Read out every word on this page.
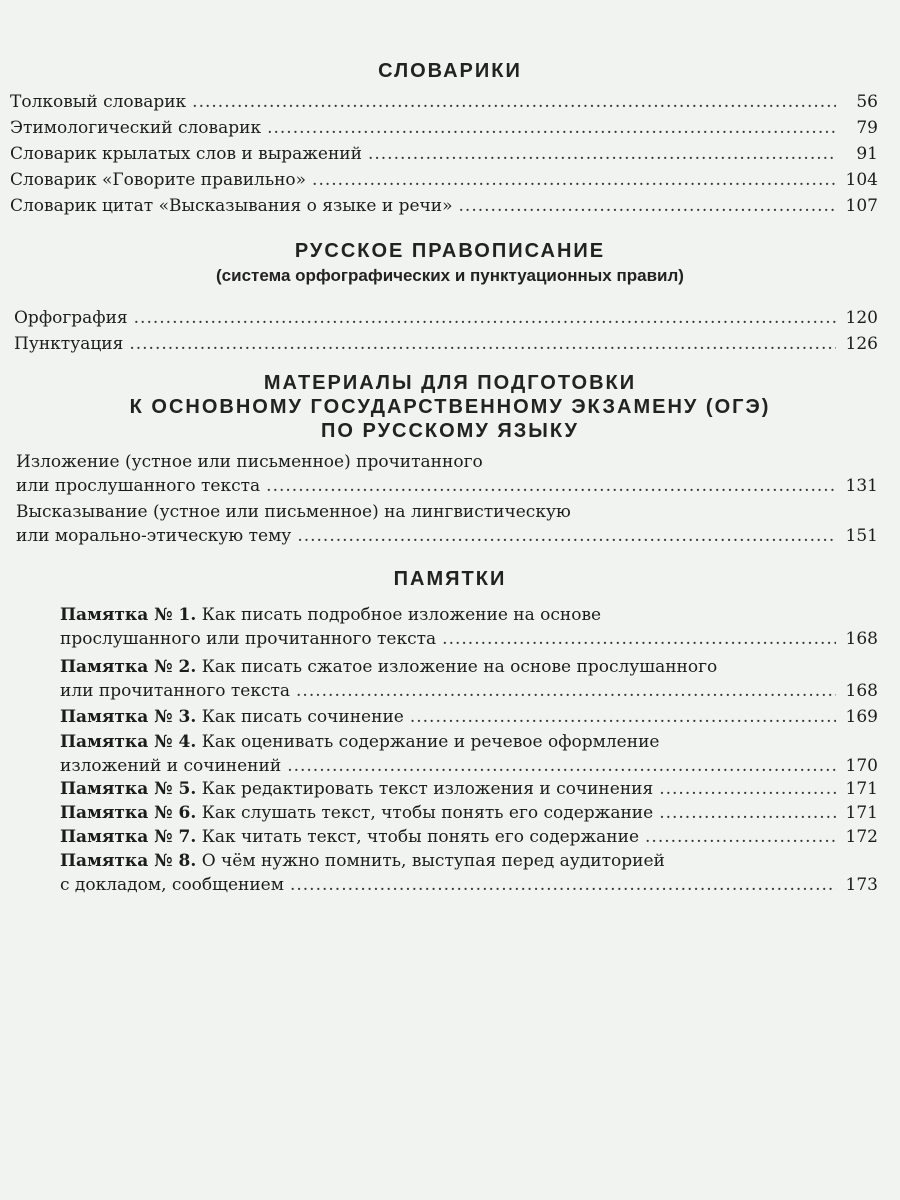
СЛОВАРИКИ
Толковый словарик .....	56
Этимологический словарик .....	79
Словарик крылатых слов и выражений .....	91
Словарик «Говорите правильно» .....	104
Словарик цитат «Высказывания о языке и речи» .....	107
РУССКОЕ ПРАВОПИСАНИЕ
(система орфографических и пунктуационных правил)
Орфография .....	120
Пунктуация .....	126
МАТЕРИАЛЫ ДЛЯ ПОДГОТОВКИ
К ОСНОВНОМУ ГОСУДАРСТВЕННОМУ ЭКЗАМЕНУ (ОГЭ)
ПО РУССКОМУ ЯЗЫКУ
Изложение (устное или письменное) прочитанного
или прослушанного текста .....	131
Высказывание (устное или письменное) на лингвистическую
или морально-этическую тему .....	151
ПАМЯТКИ
Памятка № 1. Как писать подробное изложение на основе
прослушанного или прочитанного текста .....	168
Памятка № 2. Как писать сжатое изложение на основе прослушанного
или прочитанного текста .....	168
Памятка № 3. Как писать сочинение .....	169
Памятка № 4. Как оценивать содержание и речевое оформление
изложений и сочинений .....	170
Памятка № 5. Как редактировать текст изложения и сочинения .....	171
Памятка № 6. Как слушать текст, чтобы понять его содержание .....	171
Памятка № 7. Как читать текст, чтобы понять его содержание .....	172
Памятка № 8. О чём нужно помнить, выступая перед аудиторией
с докладом, сообщением .....	173
